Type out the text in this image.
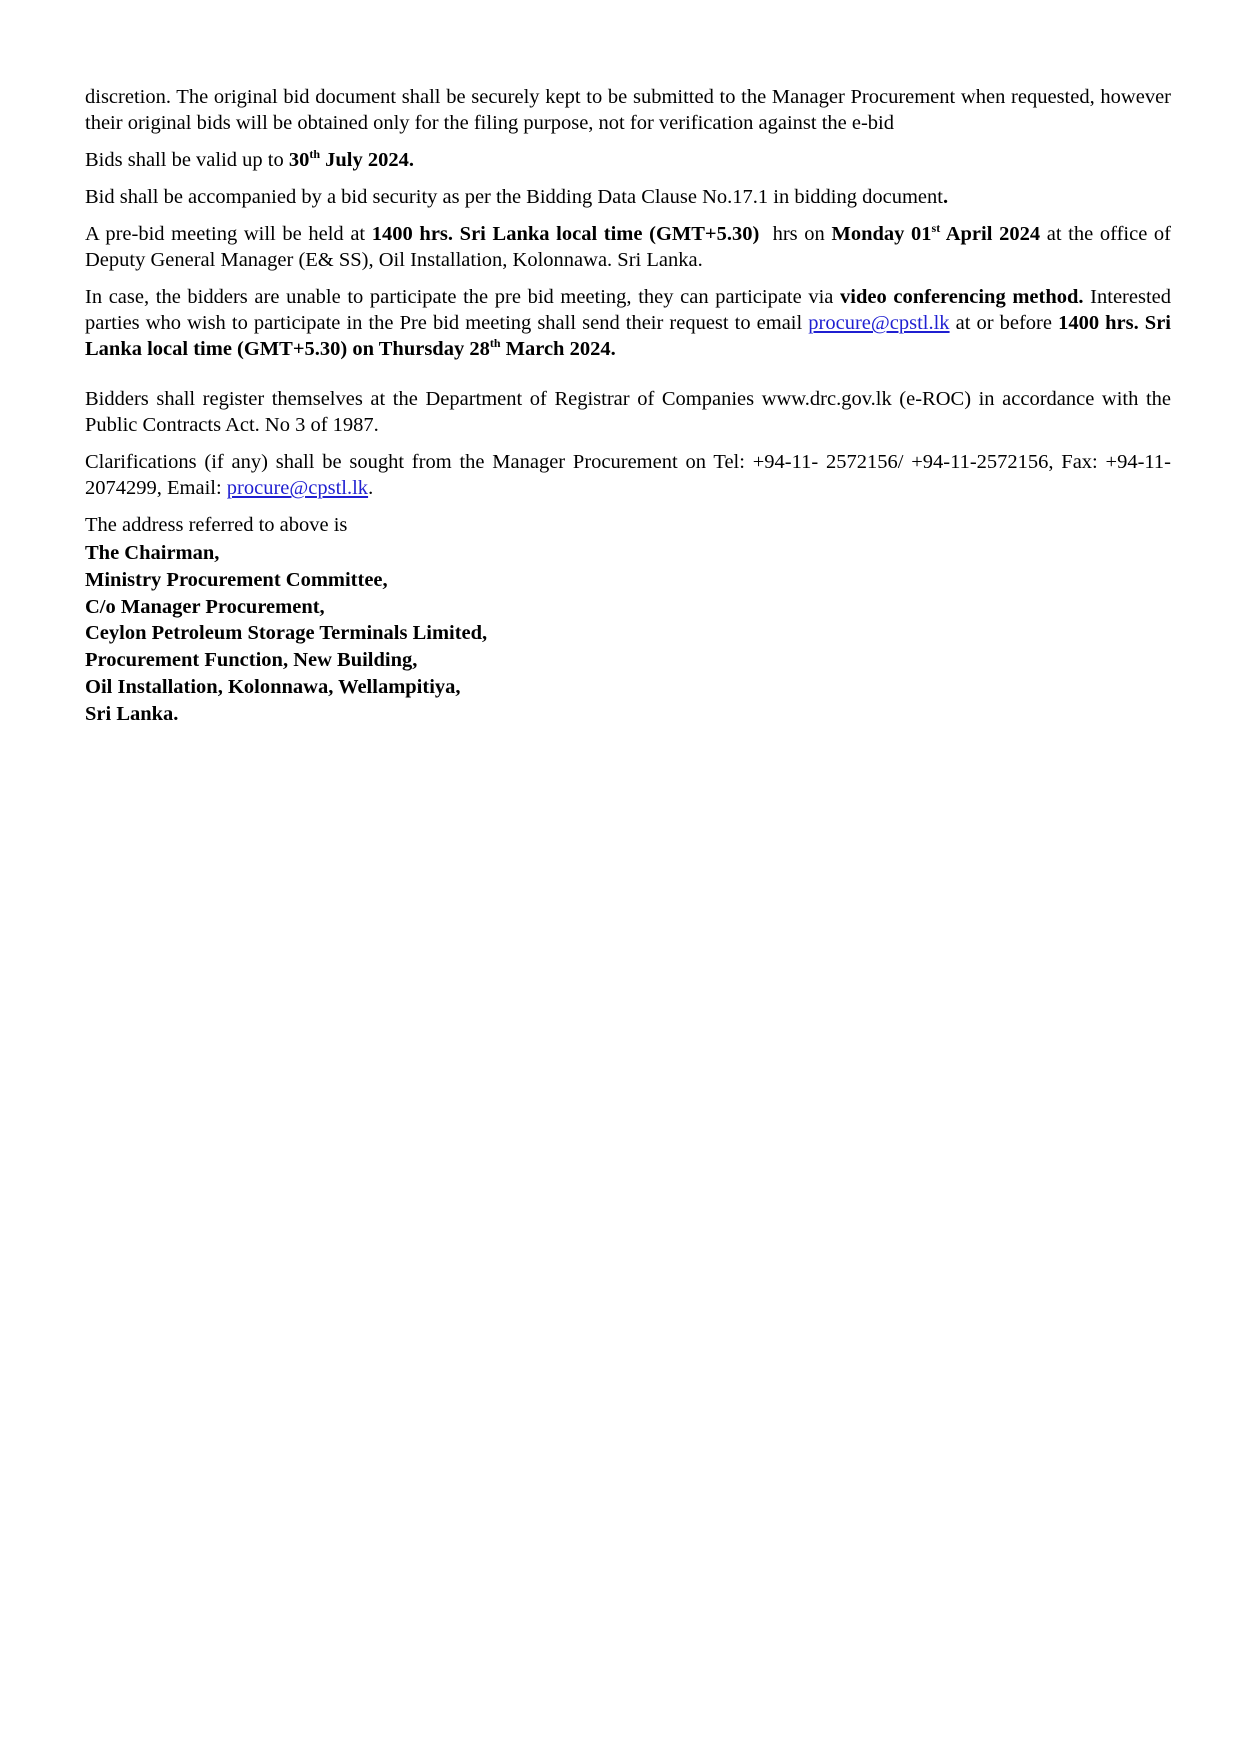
discretion. The original bid document shall be securely kept to be submitted to the Manager Procurement when requested, however their original bids will be obtained only for the filing purpose, not for verification against the e-bid

Bids shall be valid up to 30th July 2024.

Bid shall be accompanied by a bid security as per the Bidding Data Clause No.17.1 in bidding document.

A pre-bid meeting will be held at 1400 hrs. Sri Lanka local time (GMT+5.30)  hrs on Monday 01st April 2024 at the office of Deputy General Manager (E& SS), Oil Installation, Kolonnawa. Sri Lanka.

In case, the bidders are unable to participate the pre bid meeting, they can participate via video conferencing method. Interested parties who wish to participate in the Pre bid meeting shall send their request to email procure@cpstl.lk at or before 1400 hrs. Sri Lanka local time (GMT+5.30) on Thursday 28th March 2024.

Bidders shall register themselves at the Department of Registrar of Companies www.drc.gov.lk (e-ROC) in accordance with the Public Contracts Act. No 3 of 1987.

Clarifications (if any) shall be sought from the Manager Procurement on Tel: +94-11- 2572156/ +94-11-2572156, Fax: +94-11-2074299, Email: procure@cpstl.lk.

The address referred to above is

The Chairman,
Ministry Procurement Committee,
C/o Manager Procurement,
Ceylon Petroleum Storage Terminals Limited,
Procurement Function, New Building,
Oil Installation, Kolonnawa, Wellampitiya,
Sri Lanka.
